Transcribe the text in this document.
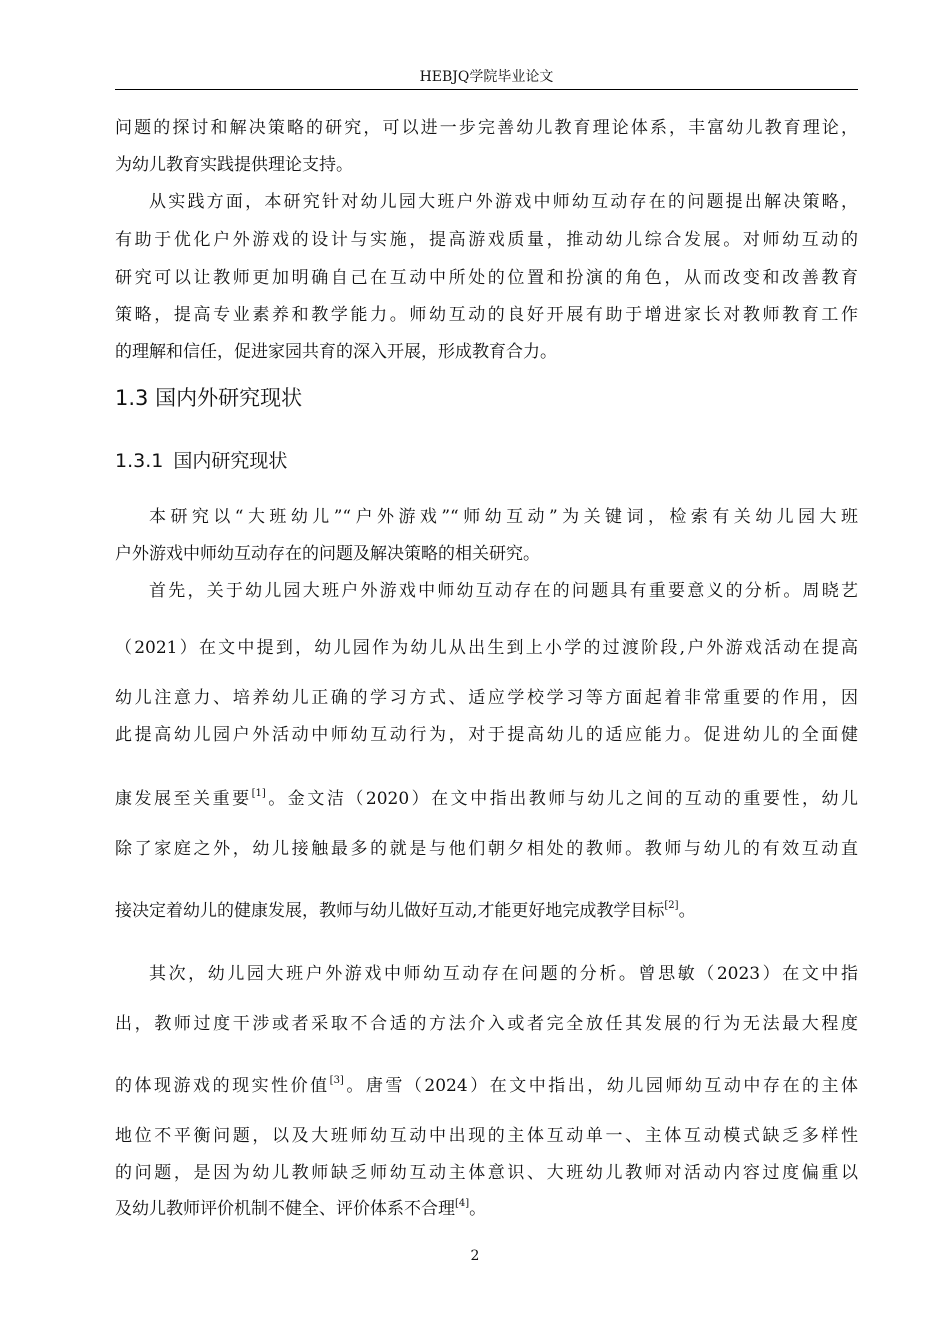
HEBJQ学院毕业论文
问题的探讨和解决策略的研究，可以进一步完善幼儿教育理论体系，丰富幼儿教育理论，
为幼儿教育实践提供理论支持。
从实践方面，本研究针对幼儿园大班户外游戏中师幼互动存在的问题提出解决策略，
有助于优化户外游戏的设计与实施，提高游戏质量，推动幼儿综合发展。对师幼互动的
研究可以让教师更加明确自己在互动中所处的位置和扮演的角色，从而改变和改善教育
策略，提高专业素养和教学能力。师幼互动的良好开展有助于增进家长对教师教育工作
的理解和信任，促进家园共育的深入开展，形成教育合力。
1.3 国内外研究现状
1.3.1 国内研究现状
本研究以“大班幼儿”“户外游戏”“师幼互动”为关键词，检索有关幼儿园大班
户外游戏中师幼互动存在的问题及解决策略的相关研究。
首先，关于幼儿园大班户外游戏中师幼互动存在的问题具有重要意义的分析。周晓艺
（2021）在文中提到，幼儿园作为幼儿从出生到上小学的过渡阶段,户外游戏活动在提高
幼儿注意力、培养幼儿正确的学习方式、适应学校学习等方面起着非常重要的作用，因
此提高幼儿园户外活动中师幼互动行为，对于提高幼儿的适应能力。促进幼儿的全面健
康发展至关重要[1]。金文洁（2020）在文中指出教师与幼儿之间的互动的重要性，幼儿
除了家庭之外，幼儿接触最多的就是与他们朝夕相处的教师。教师与幼儿的有效互动直
接决定着幼儿的健康发展，教师与幼儿做好互动,才能更好地完成教学目标[2]。
其次，幼儿园大班户外游戏中师幼互动存在问题的分析。曾思敏（2023）在文中指
出，教师过度干涉或者采取不合适的方法介入或者完全放任其发展的行为无法最大程度
的体现游戏的现实性价值[3]。唐雪（2024）在文中指出，幼儿园师幼互动中存在的主体
地位不平衡问题，以及大班师幼互动中出现的主体互动单一、主体互动模式缺乏多样性
的问题，是因为幼儿教师缺乏师幼互动主体意识、大班幼儿教师对活动内容过度偏重以
及幼儿教师评价机制不健全、评价体系不合理[4]。
2
